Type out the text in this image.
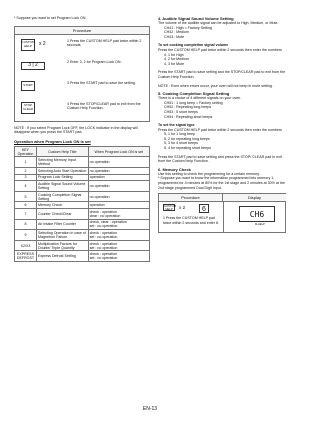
* Suppose you want to set Program Lock ON.
Procedure
CUSTOM HELP	x 2	1 Press the CUSTOM HELP pad twice within 2 seconds.
3 | 2
2 Enter 3, 2 for Program Lock ON.
START
3 Press the START pad to save the setting.
STOP CLEAR
4 Press the STOP/CLEAR pad to exit from the Custom Help Function.
NOTE : If you select Program Lock OFF, the LOCK indicator in the display will disappear when you press the START pad.
Operation when Program Lock ON is set
KEY Operation	Custom Help Title	When Program Lock ON is set
1	Selecting Memory Input Method	no operation
2	Selecting Auto Start Operation	no operation
3	Program Lock Setting	operation
4	Audible Signal Sound Volume Setting	no operation
5	Cooking Completion Signal Setting	no operation
6	Memory Check	operation
7	Counter Check/Clear	check : operation
clear : no operation
8	Air Intake Filter Counter	check, clear : operation
set : no operation
9	Selecting Operation in case of Magnetron Failure	check : operation
set : no operation
X2/X3	Multiplication Factors for Double/ Triple Quantity	check : operation
set : no operation
EXPRESS DEFROST	Express Defrost Setting	check : operation
set : no operation
4. Audible Signal Sound Volume Setting
The volume of the audible signal can be adjusted to High, Medium, or Mute.
CH41 : High = Factory Setting
CH42 : Medium
CH43 : Mute
To set cooking completion signal volume
Press the CUSTOM HELP pad twice within 2 seconds then enter the numbers
4, 1 for High
4, 2 for Medium
4, 3 for Mute
Press the START pad to save setting and the STOP/CLEAR pad to exit from the Custom Help Function.
NOTE : Even when errors occur, your oven will not beep in mute setting.
5. Cooking Completion Signal Setting
There is a choice of 4 different signals on your oven.
CH51 : 1 long beep = Factory setting
CH52 : Repeating long beeps
CH53 : 5 short beeps
CH54 : Repeating short beeps
To set the signal type
Press the CUSTOM HELP pad twice within 2 seconds then enter the numbers
5, 1 for 1 long beep
5, 2 for repeating long beeps
5, 3 for 4 short beeps
5, 4 for repeating short beeps
Press the START pad to save setting and press the STOP/ CLEAR pad to exit from the Custom Help Function.
6. Memory Check
Use this setting to check the programming for a certain memory.
* Suppose you want to know the information programmed into memory 1, programmed for 4 minutes at 80% for the 1st stage and 2 minutes at 30% at the 2nd stage programmed Dual Digit Input.
Procedure	Display
CUSTOM HELP	x 2	6
1 Press the CUSTOM HELP pad twice within 2 seconds and enter 6.
CH6
M-HELP
EN-13
